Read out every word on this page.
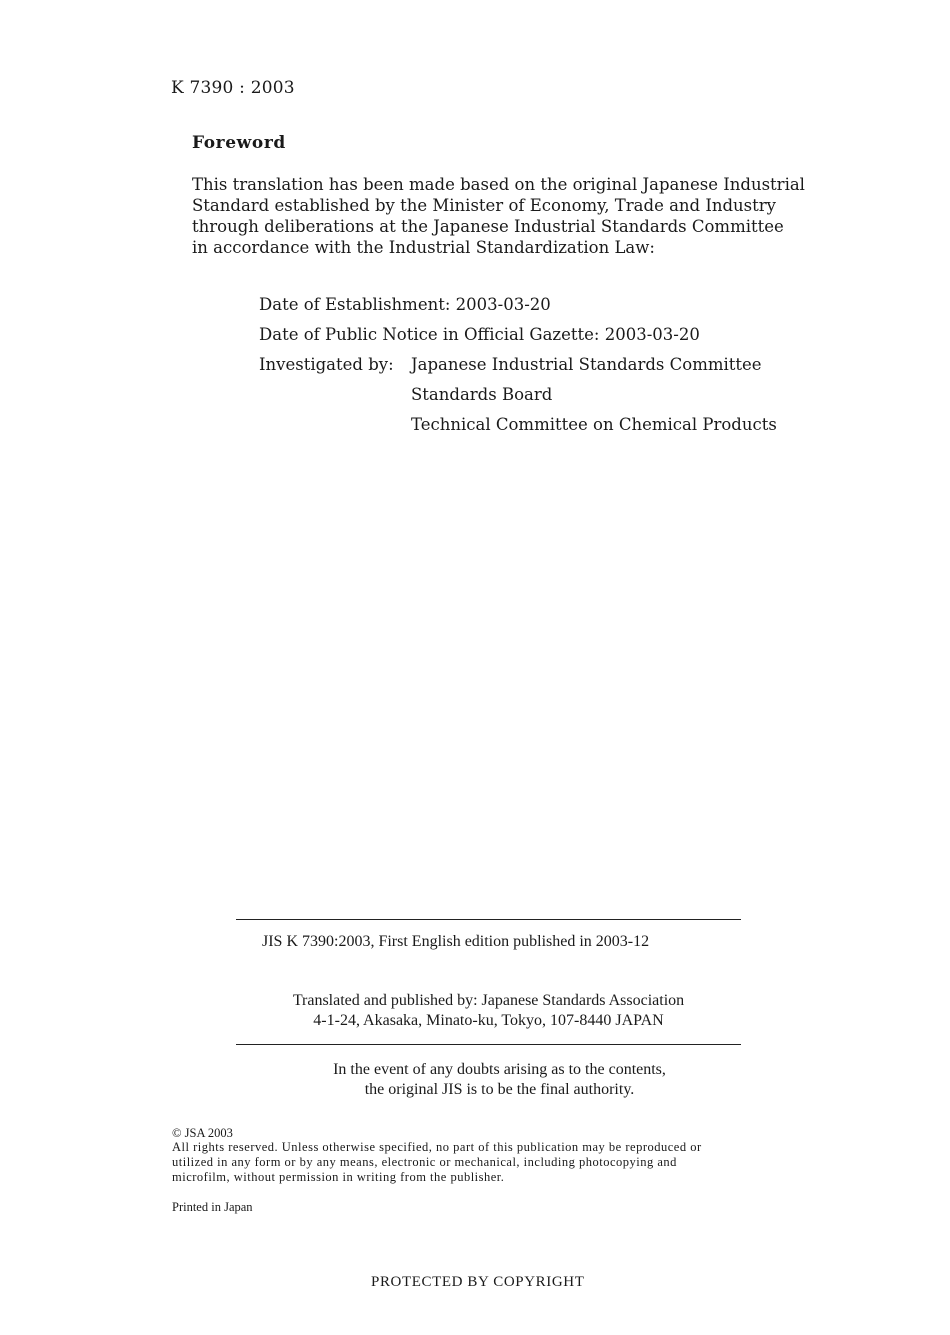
K 7390 : 2003
Foreword
This translation has been made based on the original Japanese Industrial
Standard established by the Minister of Economy, Trade and Industry
through deliberations at the Japanese Industrial Standards Committee
in accordance with the Industrial Standardization Law:
Date of Establishment: 2003-03-20
Date of Public Notice in Official Gazette: 2003-03-20
Investigated by: Japanese Industrial Standards Committee
Standards Board
Technical Committee on Chemical Products
JIS K 7390:2003, First English edition published in 2003-12
Translated and published by: Japanese Standards Association
4-1-24, Akasaka, Minato-ku, Tokyo, 107-8440 JAPAN
In the event of any doubts arising as to the contents,
the original JIS is to be the final authority.
© JSA 2003
All rights reserved. Unless otherwise specified, no part of this publication may be reproduced or
utilized in any form or by any means, electronic or mechanical, including photocopying and
microfilm, without permission in writing from the publisher.
Printed in Japan
PROTECTED BY COPYRIGHT
